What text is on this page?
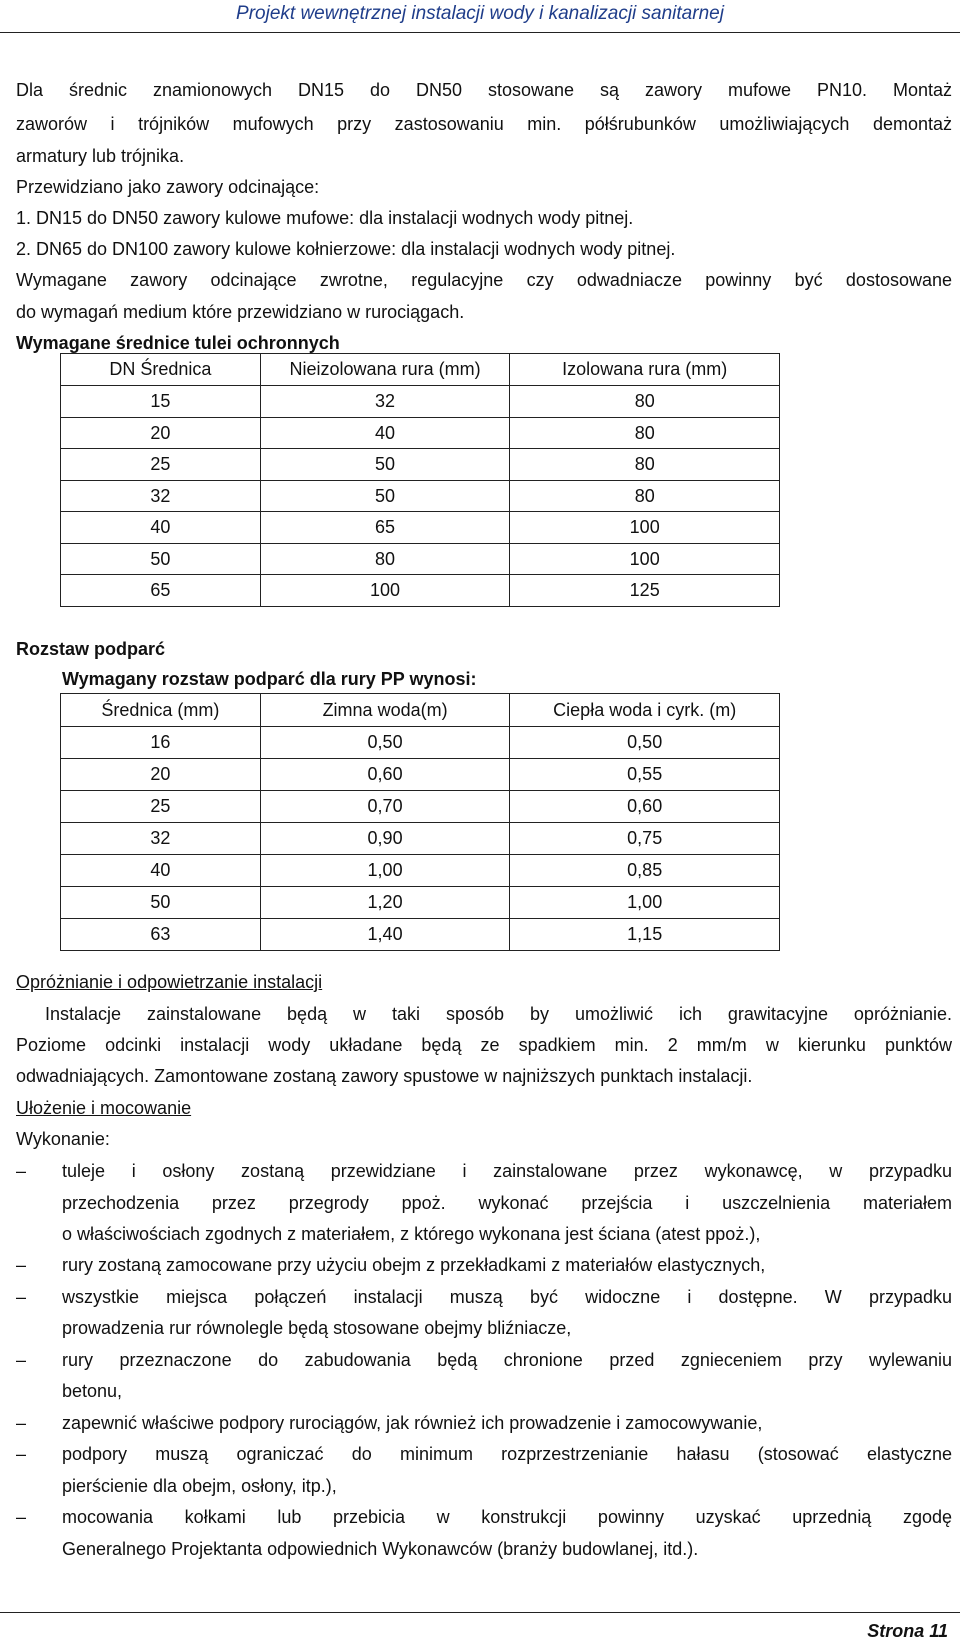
Projekt wewnętrznej instalacji wody i kanalizacji sanitarnej
Dla średnic znamionowych DN15 do DN50 stosowane są zawory mufowe PN10. Montaż
zaworów i trójników mufowych przy zastosowaniu min. półśrubunków umożliwiających demontaż
armatury lub trójnika.
Przewidziano jako zawory odcinające:
1. DN15 do DN50 zawory kulowe mufowe: dla instalacji wodnych wody pitnej.
2. DN65 do DN100 zawory kulowe kołnierzowe: dla instalacji wodnych wody pitnej.
Wymagane zawory odcinające zwrotne, regulacyjne czy odwadniacze powinny być dostosowane
do wymagań medium które przewidziano w rurociągach.
Wymagane średnice tulei ochronnych
DN Średnica	Nieizolowana rura (mm)	Izolowana rura (mm)
15	32	80
20	40	80
25	50	80
32	50	80
40	65	100
50	80	100
65	100	125
Rozstaw podparć
Wymagany rozstaw podparć dla rury PP wynosi:
Średnica (mm)	Zimna woda(m)	Ciepła woda i cyrk. (m)
16	0,50	0,50
20	0,60	0,55
25	0,70	0,60
32	0,90	0,75
40	1,00	0,85
50	1,20	1,00
63	1,40	1,15
Opróżnianie i odpowietrzanie instalacji
Instalacje zainstalowane będą w taki sposób by umożliwić ich grawitacyjne opróżnianie.
Poziome odcinki instalacji wody układane będą ze spadkiem min. 2 mm/m w kierunku punktów
odwadniających. Zamontowane zostaną zawory spustowe w najniższych punktach instalacji.
Ułożenie i mocowanie
Wykonanie:
– tuleje i osłony zostaną przewidziane i zainstalowane przez wykonawcę, w przypadku
przechodzenia przez przegrody ppoż. wykonać przejścia i uszczelnienia materiałem
o właściwościach zgodnych z materiałem, z którego wykonana jest ściana (atest ppoż.),
– rury zostaną zamocowane przy użyciu obejm z przekładkami z materiałów elastycznych,
– wszystkie miejsca połączeń instalacji muszą być widoczne i dostępne. W przypadku
prowadzenia rur równolegle będą stosowane obejmy bliźniacze,
– rury przeznaczone do zabudowania będą chronione przed zgnieceniem przy wylewaniu
betonu,
– zapewnić właściwe podpory rurociągów, jak również ich prowadzenie i zamocowywanie,
– podpory muszą ograniczać do minimum rozprzestrzenianie hałasu (stosować elastyczne
pierścienie dla obejm, osłony, itp.),
– mocowania kołkami lub przebicia w konstrukcji powinny uzyskać uprzednią zgodę
Generalnego Projektanta odpowiednich Wykonawców (branży budowlanej, itd.).
Strona 11
